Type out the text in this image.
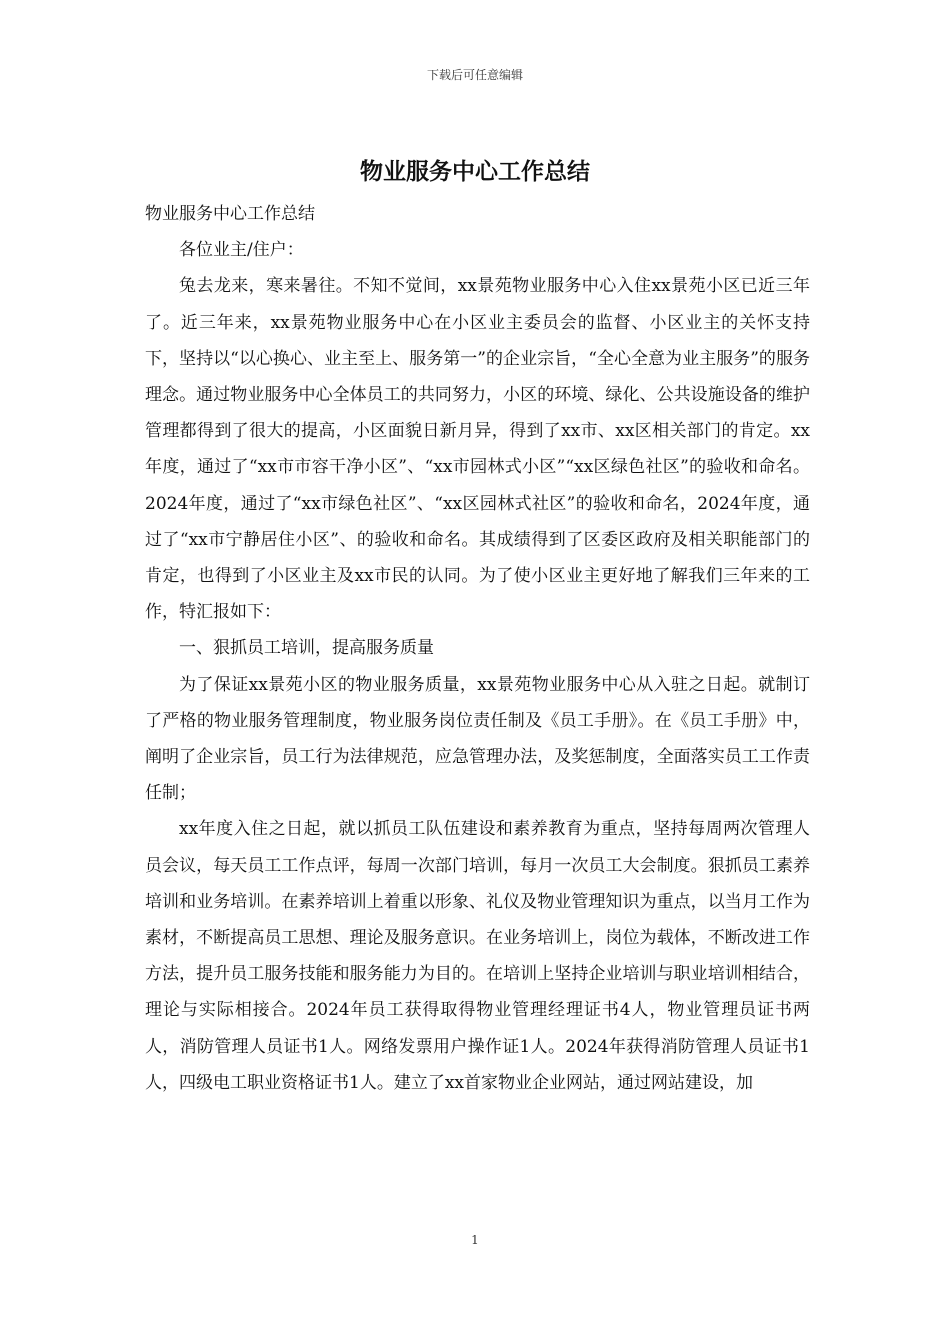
下载后可任意编辑
物业服务中心工作总结

物业服务中心工作总结

各位业主/住户：

兔去龙来，寒来暑往。不知不觉间，xx景苑物业服务中心入住xx景苑小区已近三年了。近三年来，xx景苑物业服务中心在小区业主委员会的监督、小区业主的关怀支持下，坚持以“以心换心、业主至上、服务第一”的企业宗旨，“全心全意为业主服务”的服务理念。通过物业服务中心全体员工的共同努力，小区的环境、绿化、公共设施设备的维护管理都得到了很大的提高，小区面貌日新月异，得到了xx市、xx区相关部门的肯定。xx年度，通过了“xx市市容干净小区”、“xx市园林式小区”“xx区绿色社区”的验收和命名。2024年度，通过了“xx市绿色社区”、“xx区园林式社区”的验收和命名，2024年度，通过了“xx市宁静居住小区”、的验收和命名。其成绩得到了区委区政府及相关职能部门的肯定，也得到了小区业主及xx市民的认同。为了使小区业主更好地了解我们三年来的工作，特汇报如下：

一、狠抓员工培训，提高服务质量

为了保证xx景苑小区的物业服务质量，xx景苑物业服务中心从入驻之日起。就制订了严格的物业服务管理制度，物业服务岗位责任制及《员工手册》。在《员工手册》中，阐明了企业宗旨，员工行为法律规范，应急管理办法，及奖惩制度，全面落实员工工作责任制；

xx年度入住之日起，就以抓员工队伍建设和素养教育为重点，坚持每周两次管理人员会议，每天员工工作点评，每周一次部门培训，每月一次员工大会制度。狠抓员工素养培训和业务培训。在素养培训上着重以形象、礼仪及物业管理知识为重点，以当月工作为素材，不断提高员工思想、理论及服务意识。在业务培训上，岗位为载体，不断改进工作方法，提升员工服务技能和服务能力为目的。在培训上坚持企业培训与职业培训相结合，理论与实际相接合。2024年员工获得取得物业管理经理证书4人，物业管理员证书两人，消防管理人员证书1人。网络发票用户操作证1人。2024年获得消防管理人员证书1人，四级电工职业资格证书1人。建立了xx首家物业企业网站，通过网站建设，加

1
